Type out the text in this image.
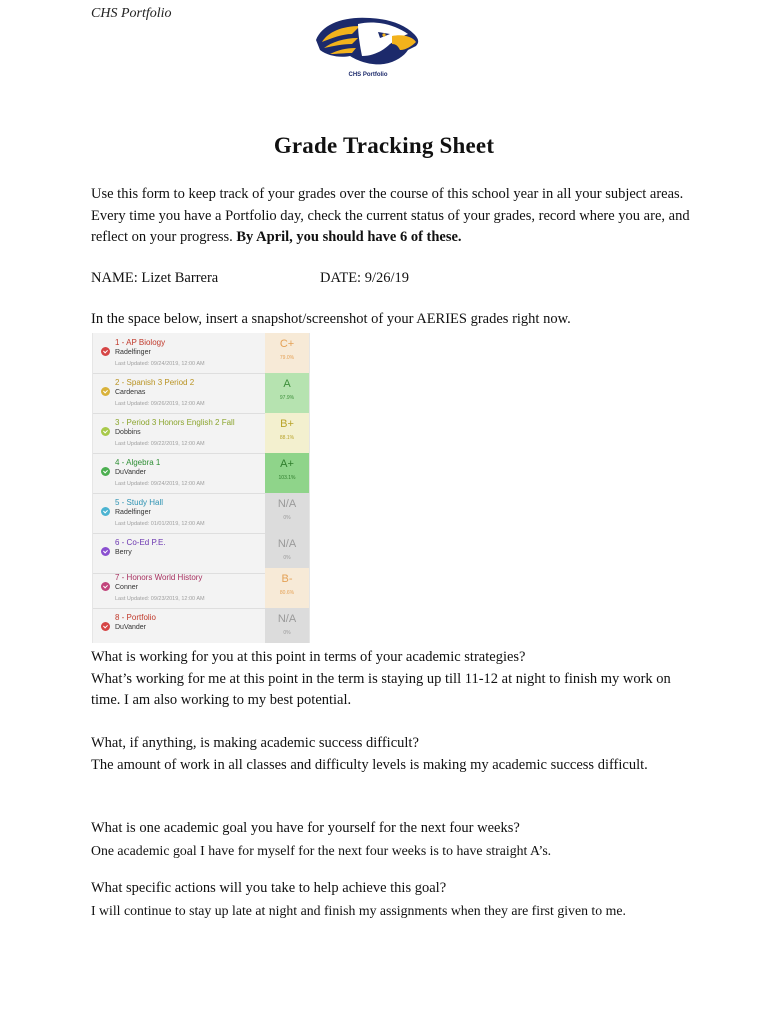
CHS Portfolio
CHS Portfolio
Grade Tracking Sheet
Use this form to keep track of your grades over the course of this school year in all your subject areas. Every time you have a Portfolio day, check the current status of your grades, record where you are, and reflect on your progress. By April, you should have 6 of these.
NAME: Lizet Barrera	DATE: 9/26/19
In the space below, insert a snapshot/screenshot of your AERIES grades right now.
1 - AP Biology
Radelfinger
Last Updated: 09/24/2019, 12:00 AM
C+
79.0%
2 - Spanish 3 Period 2
Cardenas
Last Updated: 09/26/2019, 12:00 AM
A
97.9%
3 - Period 3 Honors English 2 Fall
Dobbins
Last Updated: 09/22/2019, 12:00 AM
B+
88.1%
4 - Algebra 1
DuVander
Last Updated: 09/24/2019, 12:00 AM
A+
103.1%
5 - Study Hall
Radelfinger
Last Updated: 01/01/2019, 12:00 AM
N/A
0%
6 - Co-Ed P.E.
Berry
N/A
0%
7 - Honors World History
Conner
Last Updated: 09/23/2019, 12:00 AM
B-
80.6%
8 - Portfolio
DuVander
N/A
0%
What is working for you at this point in terms of your academic strategies?
What’s working for me at this point in the term is staying up till 11-12 at night to finish my work on time. I am also working to my best potential.
What, if anything, is making academic success difficult?
The amount of work in all classes and difficulty levels is making my academic success difficult.
What is one academic goal you have for yourself for the next four weeks?
One academic goal I have for myself for the next four weeks is to have straight A’s.
What specific actions will you take to help achieve this goal?
I will continue to stay up late at night and finish my assignments when they are first given to me.
